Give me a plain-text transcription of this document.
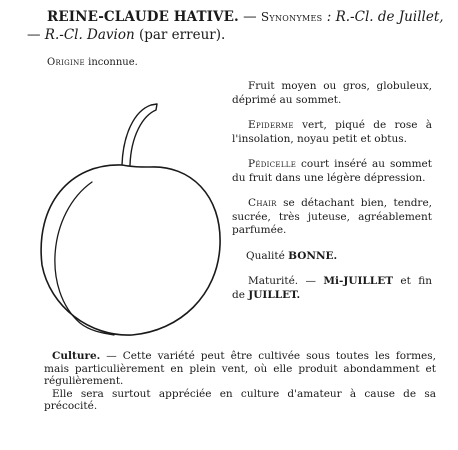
REINE-CLAUDE HATIVE. — Synonymes : R.-Cl. de Juillet,
— R.-Cl. Davion (par erreur).
Origine inconnue.

Fruit moyen ou gros, globuleux, déprimé au sommet.

Epiderme vert, piqué de rose à l'insolation, noyau petit et obtus.

Pédicelle court inséré au sommet du fruit dans une légère dépression.

Chair se détachant bien, tendre, sucrée, très juteuse, agréablement parfumée.

Qualité BONNE.

Maturité. — Mi-JUILLET et fin de JUILLET.

Culture. — Cette variété peut être cultivée sous toutes les formes, mais particulièrement en plein vent, où elle produit abondamment et régulièrement.

Elle sera surtout appréciée en culture d'amateur à cause de sa précocité.
